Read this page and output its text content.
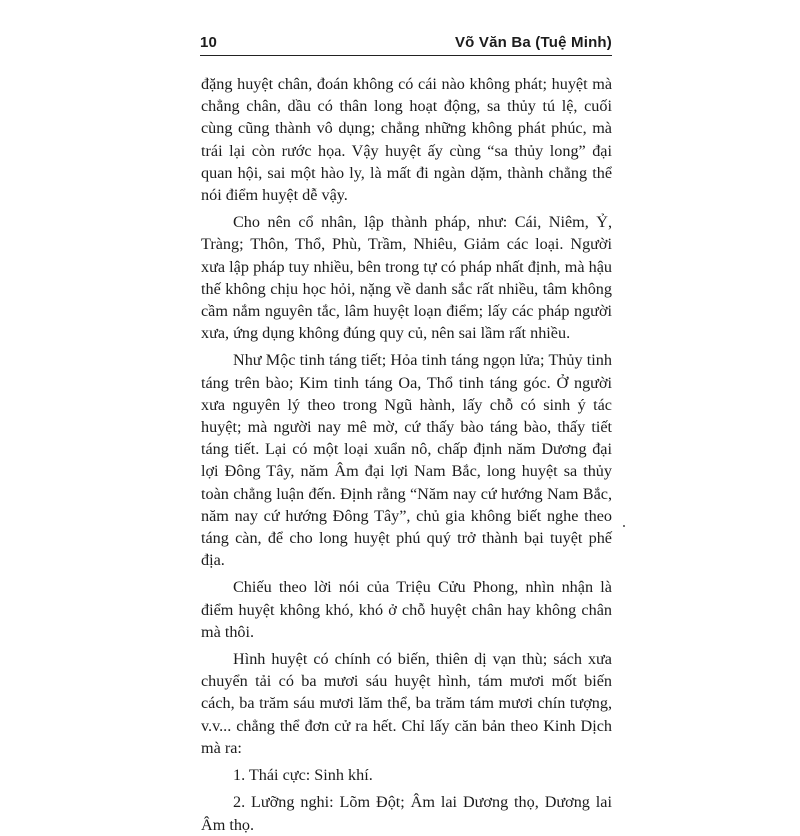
10	Võ Văn Ba (Tuệ Minh)

đặng huyệt chân, đoán không có cái nào không phát; huyệt mà chẳng chân, dầu có thân long hoạt động, sa thủy tú lệ, cuối cùng cũng thành vô dụng; chẳng những không phát phúc, mà trái lại còn rước họa. Vậy huyệt ấy cùng “sa thủy long” đại quan hội, sai một hào ly, là mất đi ngàn dặm, thành chẳng thể nói điểm huyệt dễ vậy.

Cho nên cổ nhân, lập thành pháp, như: Cái, Niêm, Ỷ, Tràng; Thôn, Thổ, Phù, Trầm, Nhiêu, Giảm các loại. Người xưa lập pháp tuy nhiều, bên trong tự có pháp nhất định, mà hậu thế không chịu học hỏi, nặng về danh sắc rất nhiều, tâm không cầm nắm nguyên tắc, lâm huyệt loạn điểm; lấy các pháp người xưa, ứng dụng không đúng quy củ, nên sai lầm rất nhiều.

Như Mộc tinh táng tiết; Hỏa tinh táng ngọn lửa; Thủy tinh táng trên bào; Kim tinh táng Oa, Thổ tinh táng góc. Ở người xưa nguyên lý theo trong Ngũ hành, lấy chỗ có sinh ý tác huyệt; mà người nay mê mờ, cứ thấy bào táng bào, thấy tiết táng tiết. Lại có một loại xuẩn nô, chấp định năm Dương đại lợi Đông Tây, năm Âm đại lợi Nam Bắc, long huyệt sa thủy toàn chẳng luận đến. Định rằng “Năm nay cứ hướng Nam Bắc, năm nay cứ hướng Đông Tây”, chủ gia không biết nghe theo táng càn, để cho long huyệt phú quý trở thành bại tuyệt phế địa.

Chiếu theo lời nói của Triệu Cửu Phong, nhìn nhận là điểm huyệt không khó, khó ở chỗ huyệt chân hay không chân mà thôi.

Hình huyệt có chính có biến, thiên dị vạn thù; sách xưa chuyển tải có ba mươi sáu huyệt hình, tám mươi mốt biến cách, ba trăm sáu mươi lăm thể, ba trăm tám mươi chín tượng, v.v... chẳng thể đơn cử ra hết. Chỉ lấy căn bản theo Kinh Dịch mà ra:

1. Thái cực: Sinh khí.

2. Lưỡng nghi: Lõm Đột; Âm lai Dương thọ, Dương lai Âm thọ.
